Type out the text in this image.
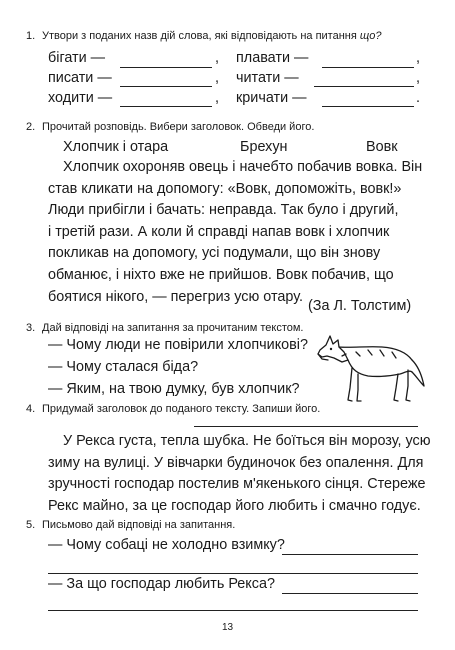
1. Утвори з поданих назв дій слова, які відповідають на питання що?
бігати —	, плавати —	,
писати —	, читати —	,
ходити —	, кричати —	.
2. Прочитай розповідь. Вибери заголовок. Обведи його.
Хлопчик і отара	Брехун	Вовк
Хлопчик охороняв овець і начебто побачив вовка. Він
став кликати на допомогу: «Вовк, допоможіть, вовк!»
Люди прибігли і бачать: неправда. Так було і другий,
і третій рази. А коли й справді напав вовк і хлопчик
покликав на допомогу, усі подумали, що він знову
обманює, і ніхто вже не прийшов. Вовк побачив, що
боятися нікого, — перегриз усю отару.
(За Л. Толстим)
3. Дай відповіді на запитання за прочитаним текстом.
— Чому люди не повірили хлопчикові?
— Чому сталася біда?
— Яким, на твою думку, був хлопчик?
4. Придумай заголовок до поданого тексту. Запиши його.
У Рекса густа, тепла шубка. Не боїться він морозу, усю
зиму на вулиці. У вівчарки будиночок без опалення. Для
зручності господар постелив м'якенького сінця. Стереже
Рекс майно, за це господар його любить і смачно годує.
5. Письмово дай відповіді на запитання.
— Чому собаці не холодно взимку?
— За що господар любить Рекса?
13
